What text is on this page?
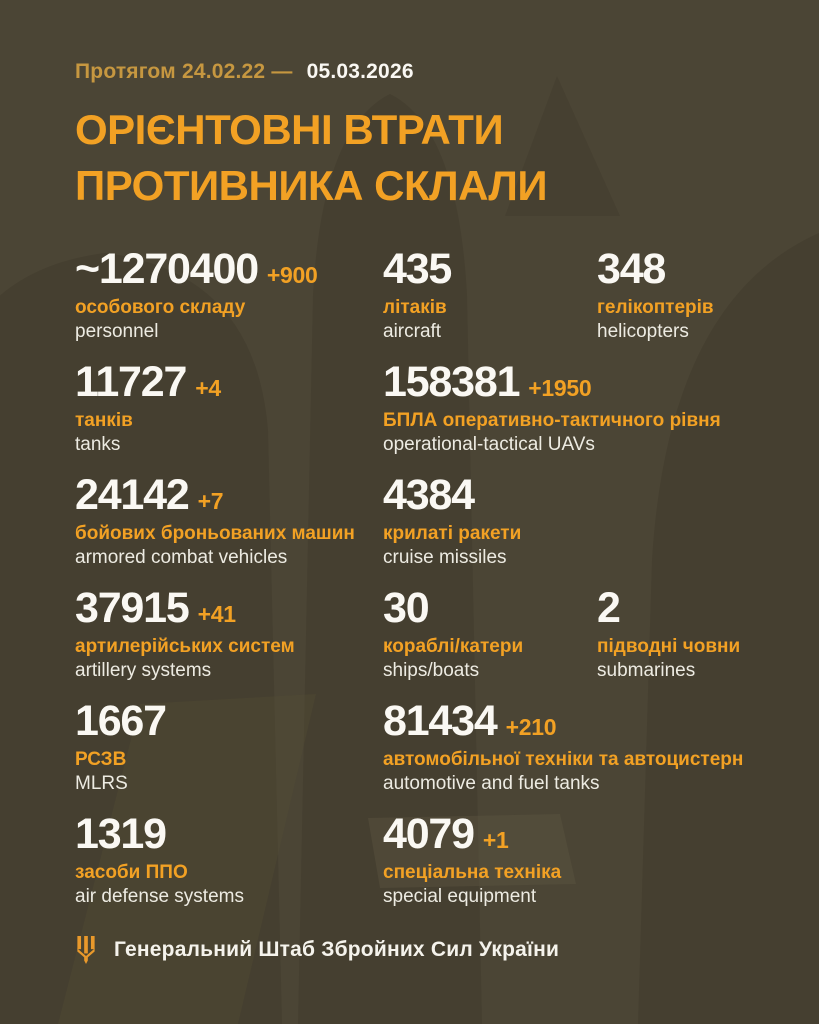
Протягом 24.02.22 — 05.03.2026
ОРІЄНТОВНІ ВТРАТИ
ПРОТИВНИКА СКЛАЛИ
~1270400 +900
особового складу
personnel
435
літаків
aircraft
348
гелікоптерів
helicopters
11727 +4
танків
tanks
158381 +1950
БПЛА оперативно-тактичного рівня
operational-tactical UAVs
24142 +7
бойових броньованих машин
armored combat vehicles
4384
крилаті ракети
cruise missiles
37915 +41
артилерійських систем
artillery systems
30
кораблі/катери
ships/boats
2
підводні човни
submarines
1667
РСЗВ
MLRS
81434 +210
автомобільної техніки та автоцистерн
automotive and fuel tanks
1319
засоби ППО
air defense systems
4079 +1
спеціальна техніка
special equipment
Генеральний Штаб Збройних Сил України
